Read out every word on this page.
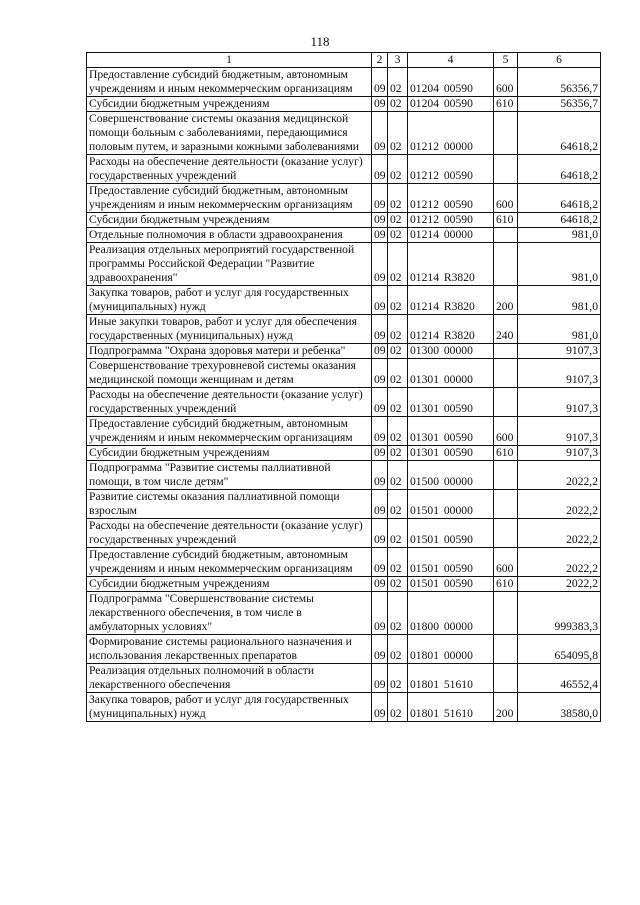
118
1	2	3	4	5	6
Предоставление субсидий бюджетным, автономным учреждениям и иным некоммерческим организациям	09	02	01204 00590	600	56356,7
Субсидии бюджетным учреждениям	09	02	01204 00590	610	56356,7
Совершенствование системы оказания медицинской помощи больным с заболеваниями, передающимися половым путем, и заразными кожными заболеваниями	09	02	01212 00000		64618,2
Расходы на обеспечение деятельности (оказание услуг) государственных учреждений	09	02	01212 00590		64618,2
Предоставление субсидий бюджетным, автономным учреждениям и иным некоммерческим организациям	09	02	01212 00590	600	64618,2
Субсидии бюджетным учреждениям	09	02	01212 00590	610	64618,2
Отдельные полномочия в области здравоохранения	09	02	01214 00000		981,0
Реализация отдельных мероприятий государственной программы Российской Федерации "Развитие здравоохранения"	09	02	01214 R3820		981,0
Закупка товаров, работ и услуг для государственных (муниципальных) нужд	09	02	01214 R3820	200	981,0
Иные закупки товаров, работ и услуг для обеспечения государственных (муниципальных) нужд	09	02	01214 R3820	240	981,0
Подпрограмма "Охрана здоровья матери и ребенка"	09	02	01300 00000		9107,3
Совершенствование трехуровневой системы оказания медицинской помощи женщинам и детям	09	02	01301 00000		9107,3
Расходы на обеспечение деятельности (оказание услуг) государственных учреждений	09	02	01301 00590		9107,3
Предоставление субсидий бюджетным, автономным учреждениям и иным некоммерческим организациям	09	02	01301 00590	600	9107,3
Субсидии бюджетным учреждениям	09	02	01301 00590	610	9107,3
Подпрограмма "Развитие системы паллиативной помощи, в том числе детям"	09	02	01500 00000		2022,2
Развитие системы оказания паллиативной помощи взрослым	09	02	01501 00000		2022,2
Расходы на обеспечение деятельности (оказание услуг) государственных учреждений	09	02	01501 00590		2022,2
Предоставление субсидий бюджетным, автономным учреждениям и иным некоммерческим организациям	09	02	01501 00590	600	2022,2
Субсидии бюджетным учреждениям	09	02	01501 00590	610	2022,2
Подпрограмма "Совершенствование системы лекарственного обеспечения, в том числе в амбулаторных условиях"	09	02	01800 00000		999383,3
Формирование системы рационального назначения и использования лекарственных препаратов	09	02	01801 00000		654095,8
Реализация отдельных полномочий в области лекарственного обеспечения	09	02	01801 51610		46552,4
Закупка товаров, работ и услуг для государственных (муниципальных) нужд	09	02	01801 51610	200	38580,0
